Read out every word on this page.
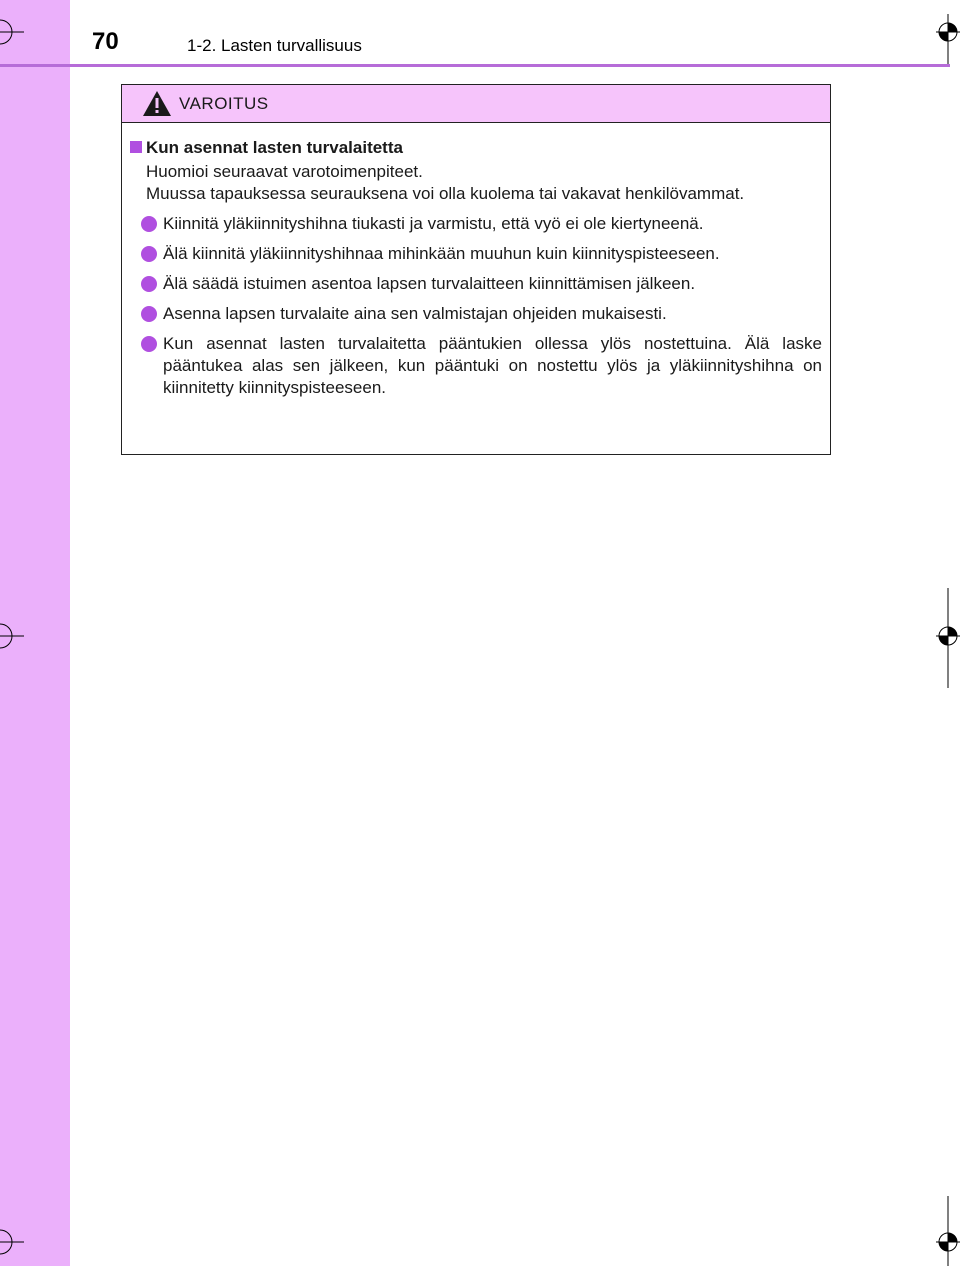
70	1-2. Lasten turvallisuus
VAROITUS
Kun asennat lasten turvalaitetta

Huomioi seuraavat varotoimenpiteet.

Muussa tapauksessa seurauksena voi olla kuolema tai vakavat henkilövammat.

Kiinnitä yläkiinnityshihna tiukasti ja varmistu, että vyö ei ole kiertyneenä.
Älä kiinnitä yläkiinnityshihnaa mihinkään muuhun kuin kiinnityspisteeseen.
Älä säädä istuimen asentoa lapsen turvalaitteen kiinnittämisen jälkeen.
Asenna lapsen turvalaite aina sen valmistajan ohjeiden mukaisesti.
Kun asennat lasten turvalaitetta pääntukien ollessa ylös nostettuina. Älä laske pääntukea alas sen jälkeen, kun pääntuki on nostettu ylös ja yläkiinnityshihna on kiinnitetty kiinnityspisteeseen.
